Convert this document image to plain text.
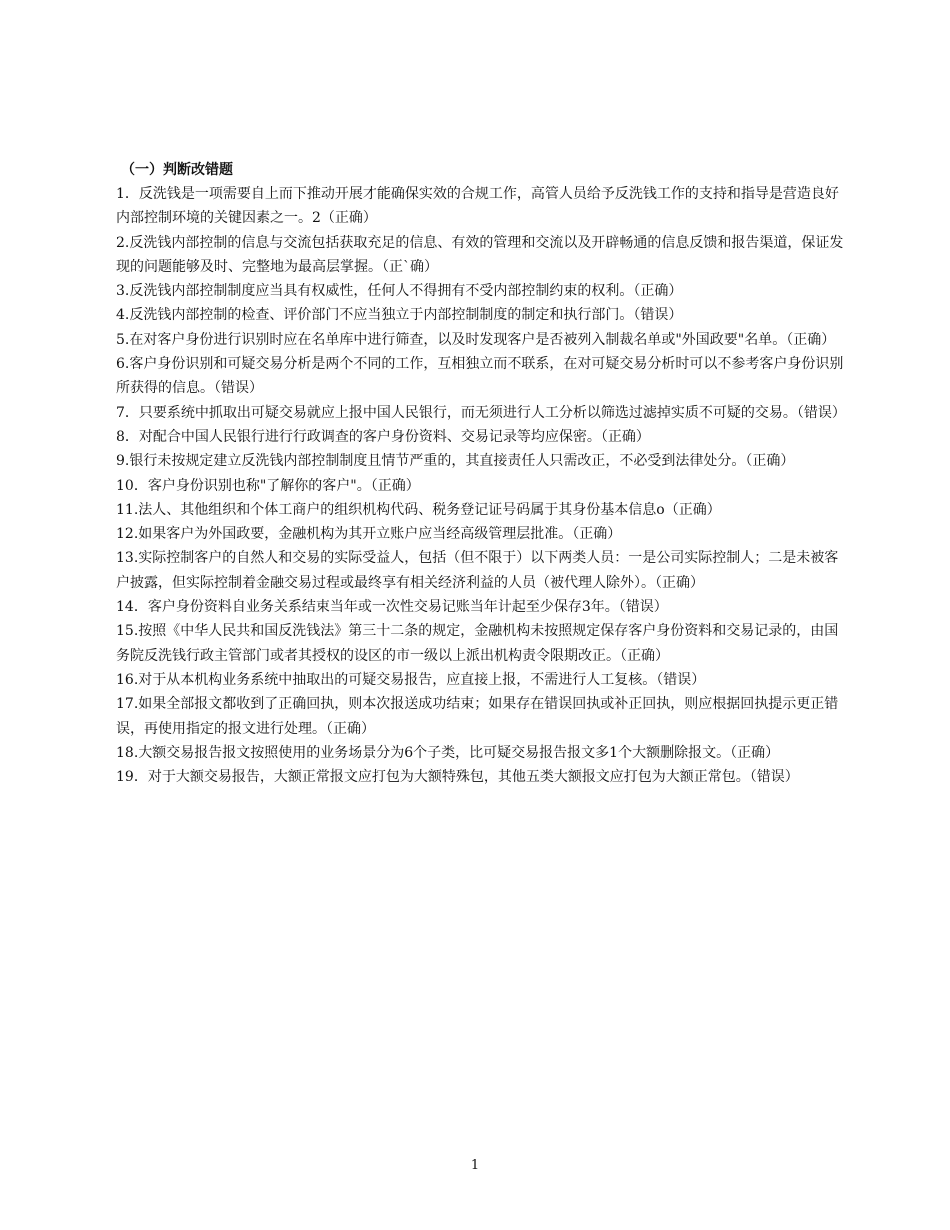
（一）判断改错题
1．反洗钱是一项需要自上而下推动开展才能确保实效的合规工作，高管人员给予反洗钱工作的支持和指导是营造良好内部控制环境的关键因素之一。2（正确）
2.反洗钱内部控制的信息与交流包括获取充足的信息、有效的管理和交流以及开辟畅通的信息反馈和报告渠道，保证发现的问题能够及时、完整地为最高层掌握。（正`确）
3.反洗钱内部控制制度应当具有权威性，任何人不得拥有不受内部控制约束的权利。（正确）
4.反洗钱内部控制的检查、评价部门不应当独立于内部控制制度的制定和执行部门。（错误）
5.在对客户身份进行识别时应在名单库中进行筛查，以及时发现客户是否被列入制裁名单或"外国政要"名单。（正确）
6.客户身份识别和可疑交易分析是两个不同的工作，互相独立而不联系，在对可疑交易分析时可以不参考客户身份识别所获得的信息。（错误）
7．只要系统中抓取出可疑交易就应上报中国人民银行，而无须进行人工分析以筛选过滤掉实质不可疑的交易。（错误）
8．对配合中国人民银行进行行政调查的客户身份资料、交易记录等均应保密。（正确）
9.银行未按规定建立反洗钱内部控制制度且情节严重的，其直接责任人只需改正，不必受到法律处分。（正确）
10．客户身份识别也称"了解你的客户"。（正确）
11.法人、其他组织和个体工商户的组织机构代码、税务登记证号码属于其身份基本信息o（正确）
12.如果客户为外国政要，金融机构为其开立账户应当经高级管理层批准。（正确）
13.实际控制客户的自然人和交易的实际受益人，包括（但不限于）以下两类人员：一是公司实际控制人；二是未被客户披露，但实际控制着金融交易过程或最终享有相关经济利益的人员（被代理人除外）。（正确）
14．客户身份资料自业务关系结束当年或一次性交易记账当年计起至少保存3年。（错误）
15.按照《中华人民共和国反洗钱法》第三十二条的规定，金融机构未按照规定保存客户身份资料和交易记录的，由国务院反洗钱行政主管部门或者其授权的设区的市一级以上派出机构责令限期改正。（正确）
16.对于从本机构业务系统中抽取出的可疑交易报告，应直接上报，不需进行人工复核。（错误）
17.如果全部报文都收到了正确回执，则本次报送成功结束；如果存在错误回执或补正回执，则应根据回执提示更正错误，再使用指定的报文进行处理。（正确）
18.大额交易报告报文按照使用的业务场景分为6个子类，比可疑交易报告报文多1个大额删除报文。（正确）
19．对于大额交易报告，大额正常报文应打包为大额特殊包，其他五类大额报文应打包为大额正常包。（错误）
1
